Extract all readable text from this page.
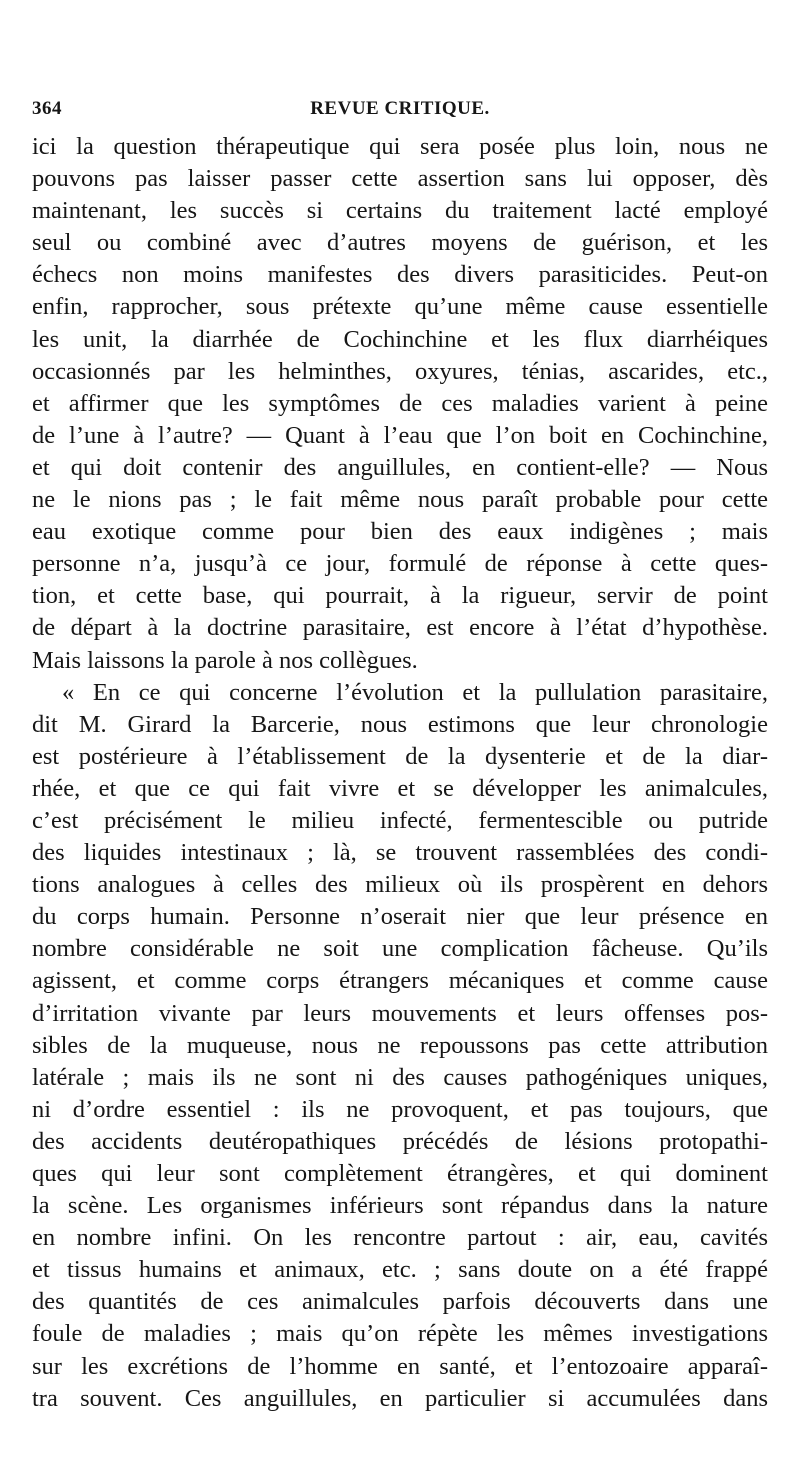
364	REVUE CRITIQUE.
ici la question thérapeutique qui sera posée plus loin, nous ne
pouvons pas laisser passer cette assertion sans lui opposer, dès
maintenant, les succès si certains du traitement lacté employé
seul ou combiné avec d’autres moyens de guérison, et les
échecs non moins manifestes des divers parasiticides. Peut-on
enfin, rapprocher, sous prétexte qu’une même cause essentielle
les unit, la diarrhée de Cochinchine et les flux diarrhéiques
occasionnés par les helminthes, oxyures, ténias, ascarides, etc.,
et affirmer que les symptômes de ces maladies varient à peine
de l’une à l’autre? — Quant à l’eau que l’on boit en Cochinchine,
et qui doit contenir des anguillules, en contient-elle? — Nous
ne le nions pas ; le fait même nous paraît probable pour cette
eau exotique comme pour bien des eaux indigènes ; mais
personne n’a, jusqu’à ce jour, formulé de réponse à cette ques-
tion, et cette base, qui pourrait, à la rigueur, servir de point
de départ à la doctrine parasitaire, est encore à l’état d’hypothèse.
Mais laissons la parole à nos collègues.
« En ce qui concerne l’évolution et la pullulation parasitaire,
dit M. Girard la Barcerie, nous estimons que leur chronologie
est postérieure à l’établissement de la dysenterie et de la diar-
rhée, et que ce qui fait vivre et se développer les animalcules,
c’est précisément le milieu infecté, fermentescible ou putride
des liquides intestinaux ; là, se trouvent rassemblées des condi-
tions analogues à celles des milieux où ils prospèrent en dehors
du corps humain. Personne n’oserait nier que leur présence en
nombre considérable ne soit une complication fâcheuse. Qu’ils
agissent, et comme corps étrangers mécaniques et comme cause
d’irritation vivante par leurs mouvements et leurs offenses pos-
sibles de la muqueuse, nous ne repoussons pas cette attribution
latérale ; mais ils ne sont ni des causes pathogéniques uniques,
ni d’ordre essentiel : ils ne provoquent, et pas toujours, que
des accidents deutéropathiques précédés de lésions protopathi-
ques qui leur sont complètement étrangères, et qui dominent
la scène. Les organismes inférieurs sont répandus dans la nature
en nombre infini. On les rencontre partout : air, eau, cavités
et tissus humains et animaux, etc. ; sans doute on a été frappé
des quantités de ces animalcules parfois découverts dans une
foule de maladies ; mais qu’on répète les mêmes investigations
sur les excrétions de l’homme en santé, et l’entozoaire apparaî-
tra souvent. Ces anguillules, en particulier si accumulées dans
